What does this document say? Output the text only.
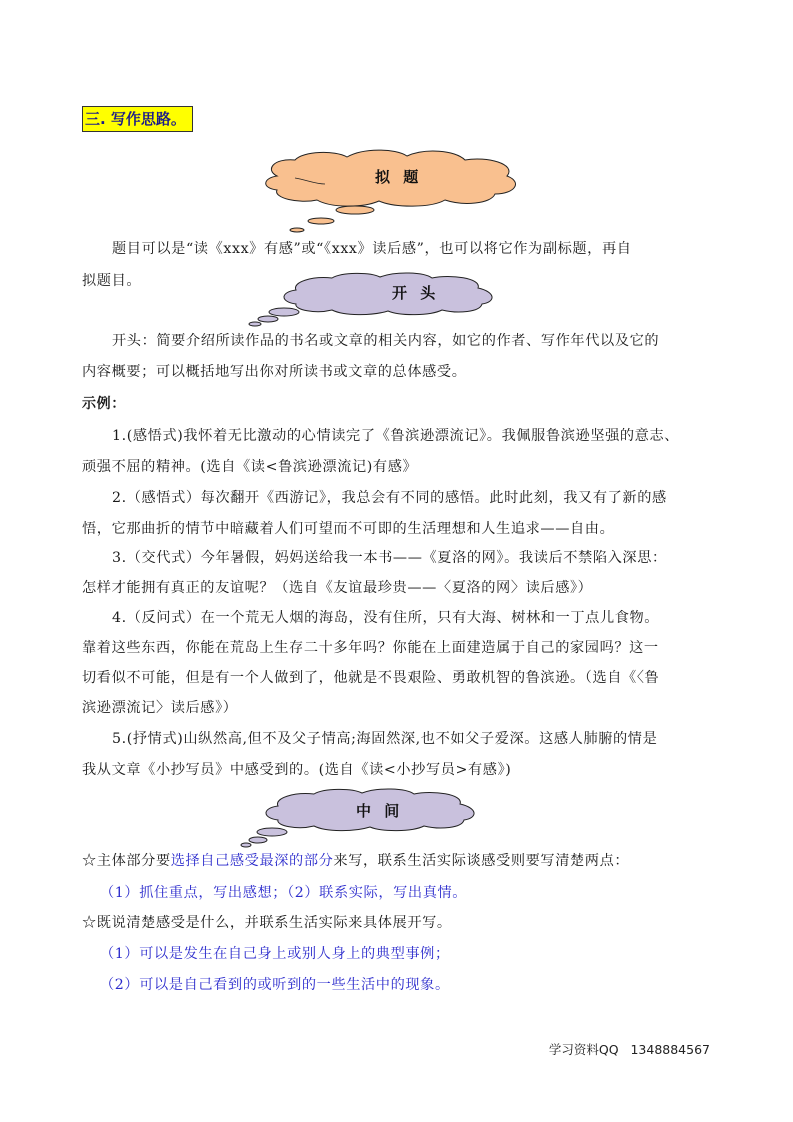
三. 写作思路。
拟 题
题目可以是“读《xxx》有感”或“《xxx》读后感”，也可以将它作为副标题，再自
拟题目。
开 头
开头：简要介绍所读作品的书名或文章的相关内容，如它的作者、写作年代以及它的
内容概要；可以概括地写出你对所读书或文章的总体感受。
示例：
1.(感悟式)我怀着无比激动的心情读完了《鲁滨逊漂流记》。我佩服鲁滨逊坚强的意志、
顽强不屈的精神。(选自《读<鲁滨逊漂流记)有感》
2.（感悟式）每次翻开《西游记》，我总会有不同的感悟。此时此刻，我又有了新的感
悟，它那曲折的情节中暗藏着人们可望而不可即的生活理想和人生追求——自由。
3.（交代式）今年暑假，妈妈送给我一本书——《夏洛的网》。我读后不禁陷入深思：
怎样才能拥有真正的友谊呢？（选自《友谊最珍贵——〈夏洛的网〉读后感》）
4.（反问式）在一个荒无人烟的海岛，没有住所，只有大海、树林和一丁点儿食物。
靠着这些东西，你能在荒岛上生存二十多年吗？你能在上面建造属于自己的家园吗？这一
切看似不可能，但是有一个人做到了，他就是不畏艰险、勇敢机智的鲁滨逊。（选自《〈鲁
滨逊漂流记〉读后感》）
5.(抒情式)山纵然高,但不及父子情高;海固然深,也不如父子爱深。这感人肺腑的情是
我从文章《小抄写员》中感受到的。(选自《读<小抄写员>有感》)
中 间
☆主体部分要选择自己感受最深的部分来写，联系生活实际谈感受则要写清楚两点：
（1）抓住重点，写出感想；（2）联系实际，写出真情。
☆既说清楚感受是什么，并联系生活实际来具体展开写。
（1）可以是发生在自己身上或别人身上的典型事例；
（2）可以是自己看到的或听到的一些生活中的现象。
学习资料QQ   1348884567
